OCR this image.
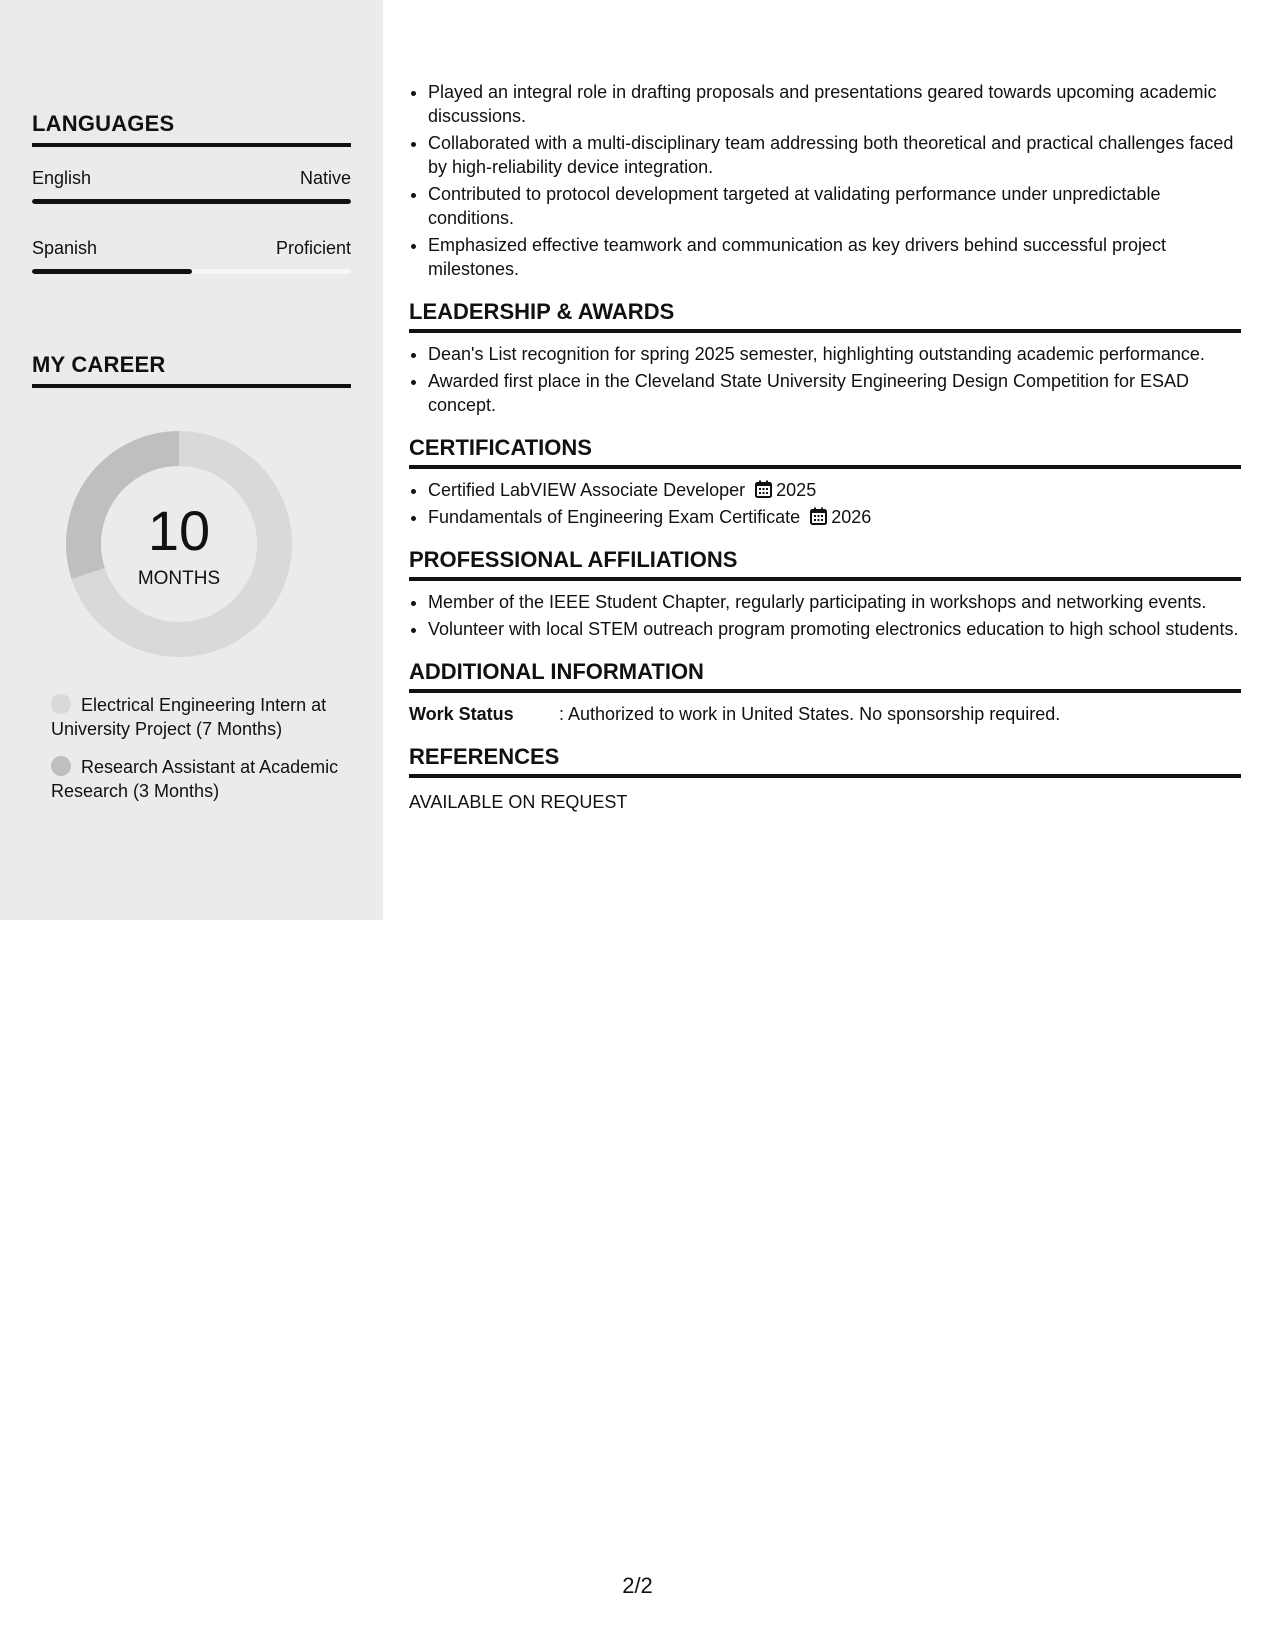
LANGUAGES
English	Native
Spanish	Proficient
MY CAREER
10
MONTHS
Electrical Engineering Intern at University Project (7 Months)
Research Assistant at Academic Research (3 Months)
• Played an integral role in drafting proposals and presentations geared towards upcoming academic discussions.
• Collaborated with a multi-disciplinary team addressing both theoretical and practical challenges faced by high-reliability device integration.
• Contributed to protocol development targeted at validating performance under unpredictable conditions.
• Emphasized effective teamwork and communication as key drivers behind successful project milestones.
LEADERSHIP & AWARDS
• Dean's List recognition for spring 2025 semester, highlighting outstanding academic performance.
• Awarded first place in the Cleveland State University Engineering Design Competition for ESAD concept.
CERTIFICATIONS
• Certified LabVIEW Associate Developer 2025
• Fundamentals of Engineering Exam Certificate 2026
PROFESSIONAL AFFILIATIONS
• Member of the IEEE Student Chapter, regularly participating in workshops and networking events.
• Volunteer with local STEM outreach program promoting electronics education to high school students.
ADDITIONAL INFORMATION
Work Status	: Authorized to work in United States. No sponsorship required.
REFERENCES
AVAILABLE ON REQUEST
2/2
